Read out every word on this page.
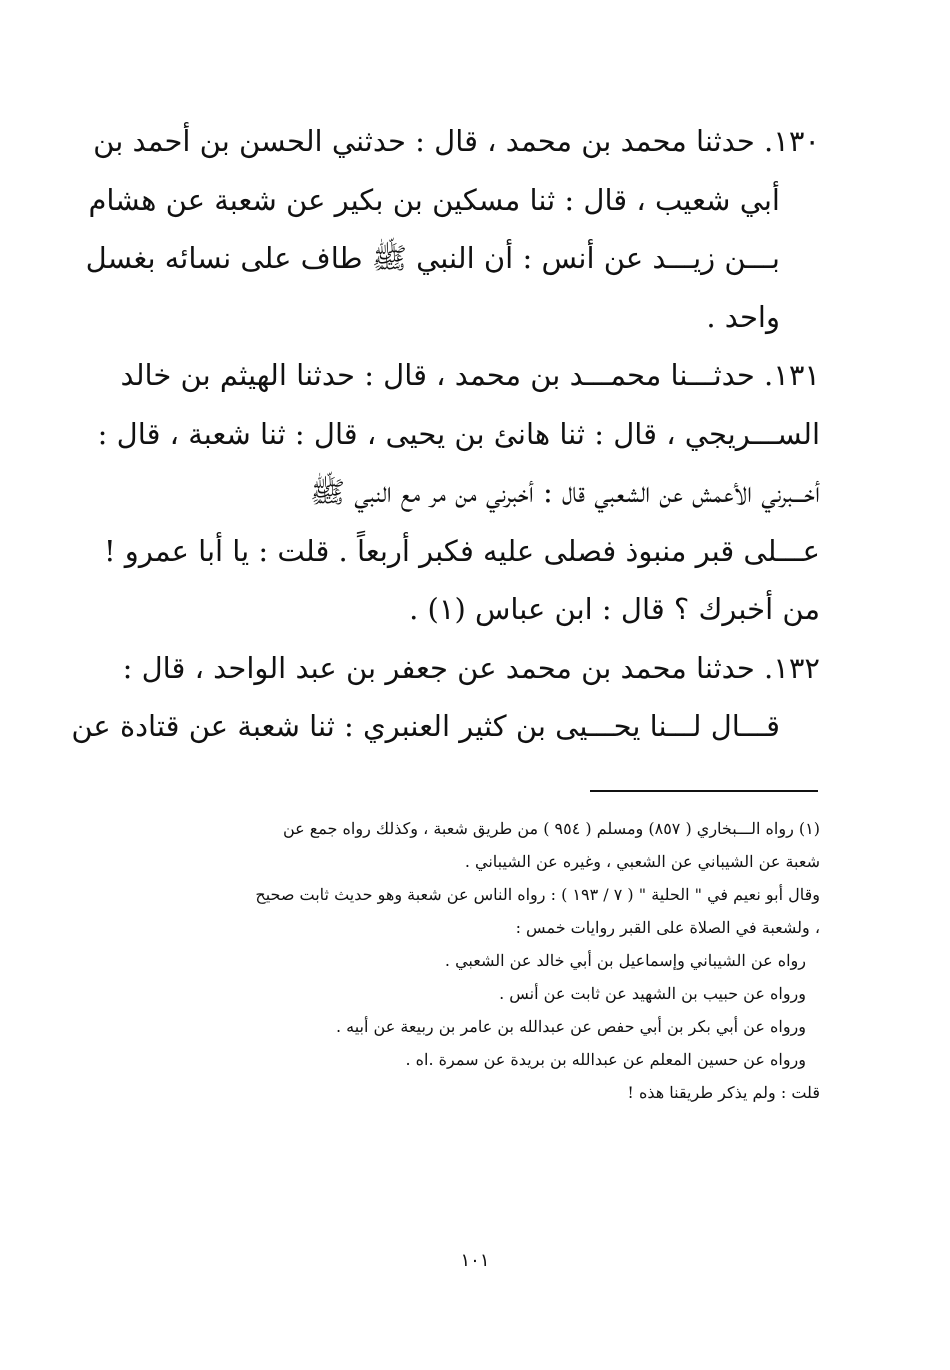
١٣٠. حدثنا محمد بن محمد ، قال : حدثني الحسن بن أحمد بن
أبي شعيب ، قال : ثنا مسكين بن بكير عن شعبة عن هشام
بـــن زيـــد عن أنس : أن النبي ﷺ طاف على نسائه بغسل
واحد .
١٣١. حدثـــنا محمـــد بن محمد ، قال : حدثنا الهيثم بن خالد
الســـريجي ، قال : ثنا هانئ بن يحيى ، قال : ثنا شعبة ، قال :
أخـــبرني الأعمش عن الشعبي قال : أخبرني من مر مع النبي ﷺ
عـــلى قبر منبوذ فصلى عليه فكبر أربعاً . قلت : يا أبا عمرو !
من أخبرك ؟ قال : ابن عباس (١) .
١٣٢. حدثنا محمد بن محمد عن جعفر بن عبد الواحد ، قال :
قـــال لـــنا يحـــيى بن كثير العنبري : ثنا شعبة عن قتادة عن
(١) رواه الـــبخاري ( ٨٥٧) ومسلم ( ٩٥٤ ) من طريق شعبة ، وكذلك رواه جمع عن
شعبة عن الشيباني عن الشعبي ، وغيره عن الشيباني .
وقال أبو نعيم في " الحلية " ( ٧ / ١٩٣ ) : رواه الناس عن شعبة وهو حديث ثابت صحيح
، ولشعبة في الصلاة على القبر روايات خمس :
رواه عن الشيباني وإسماعيل بن أبي خالد عن الشعبي .
ورواه عن حبيب بن الشهيد عن ثابت عن أنس .
ورواه عن أبي بكر بن أبي حفص عن عبدالله بن عامر بن ربيعة عن أبيه .
ورواه عن حسين المعلم عن عبدالله بن بريدة عن سمرة .اه .
قلت : ولم يذكر طريقنا هذه !
١٠١
